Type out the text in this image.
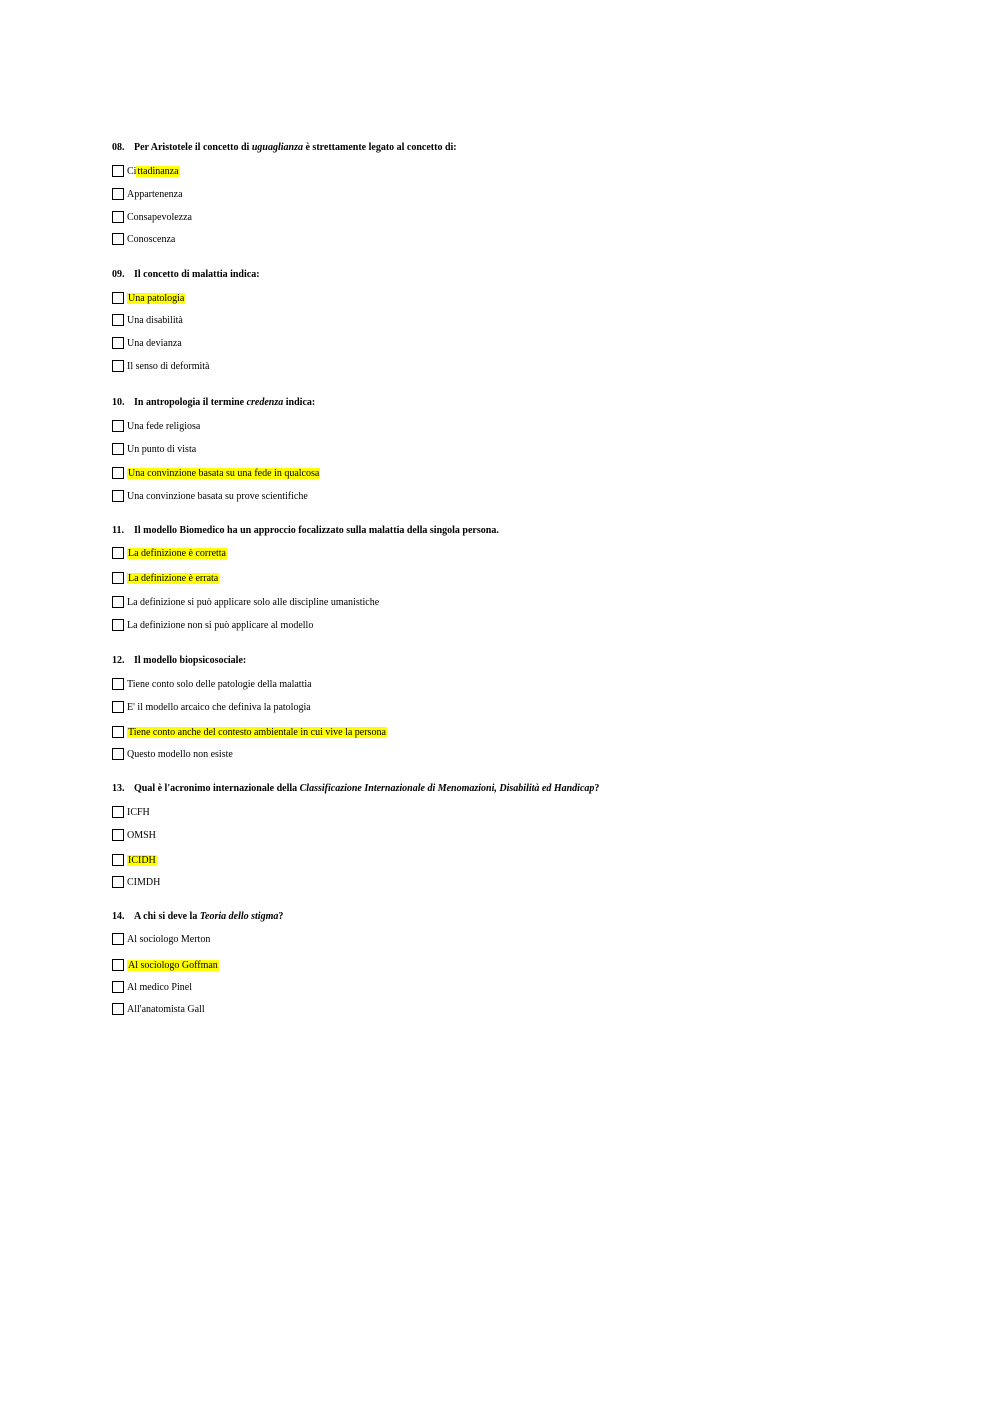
08. Per Aristotele il concetto di uguaglianza è strettamente legato al concetto di:
Cittadinanza
Appartenenza
Consapevolezza
Conoscenza
09. Il concetto di malattia indica:
Una patologia
Una disabilità
Una devianza
Il senso di deformità
10. In antropologia il termine credenza indica:
Una fede religiosa
Un punto di vista
Una convinzione basata su una fede in qualcosa
Una convinzione basata su prove scientifiche
11. Il modello Biomedico ha un approccio focalizzato sulla malattia della singola persona.
La definizione è corretta
La definizione è errata
La definizione si può applicare solo alle discipline umanistiche
La definizione non si può applicare al modello
12. Il modello biopsicosociale:
Tiene conto solo delle patologie della malattia
E' il modello arcaico che definiva la patologia
Tiene conto anche del contesto ambientale in cui vive la persona
Questo modello non esiste
13. Qual è l'acronimo internazionale della Classificazione Internazionale di Menomazioni, Disabilità ed Handicap?
ICFH
OMSH
ICIDH
CIMDH
14. A chi si deve la Teoria dello stigma?
Al sociologo Merton
Al sociologo Goffman
Al medico Pinel
All'anatomista Gall
